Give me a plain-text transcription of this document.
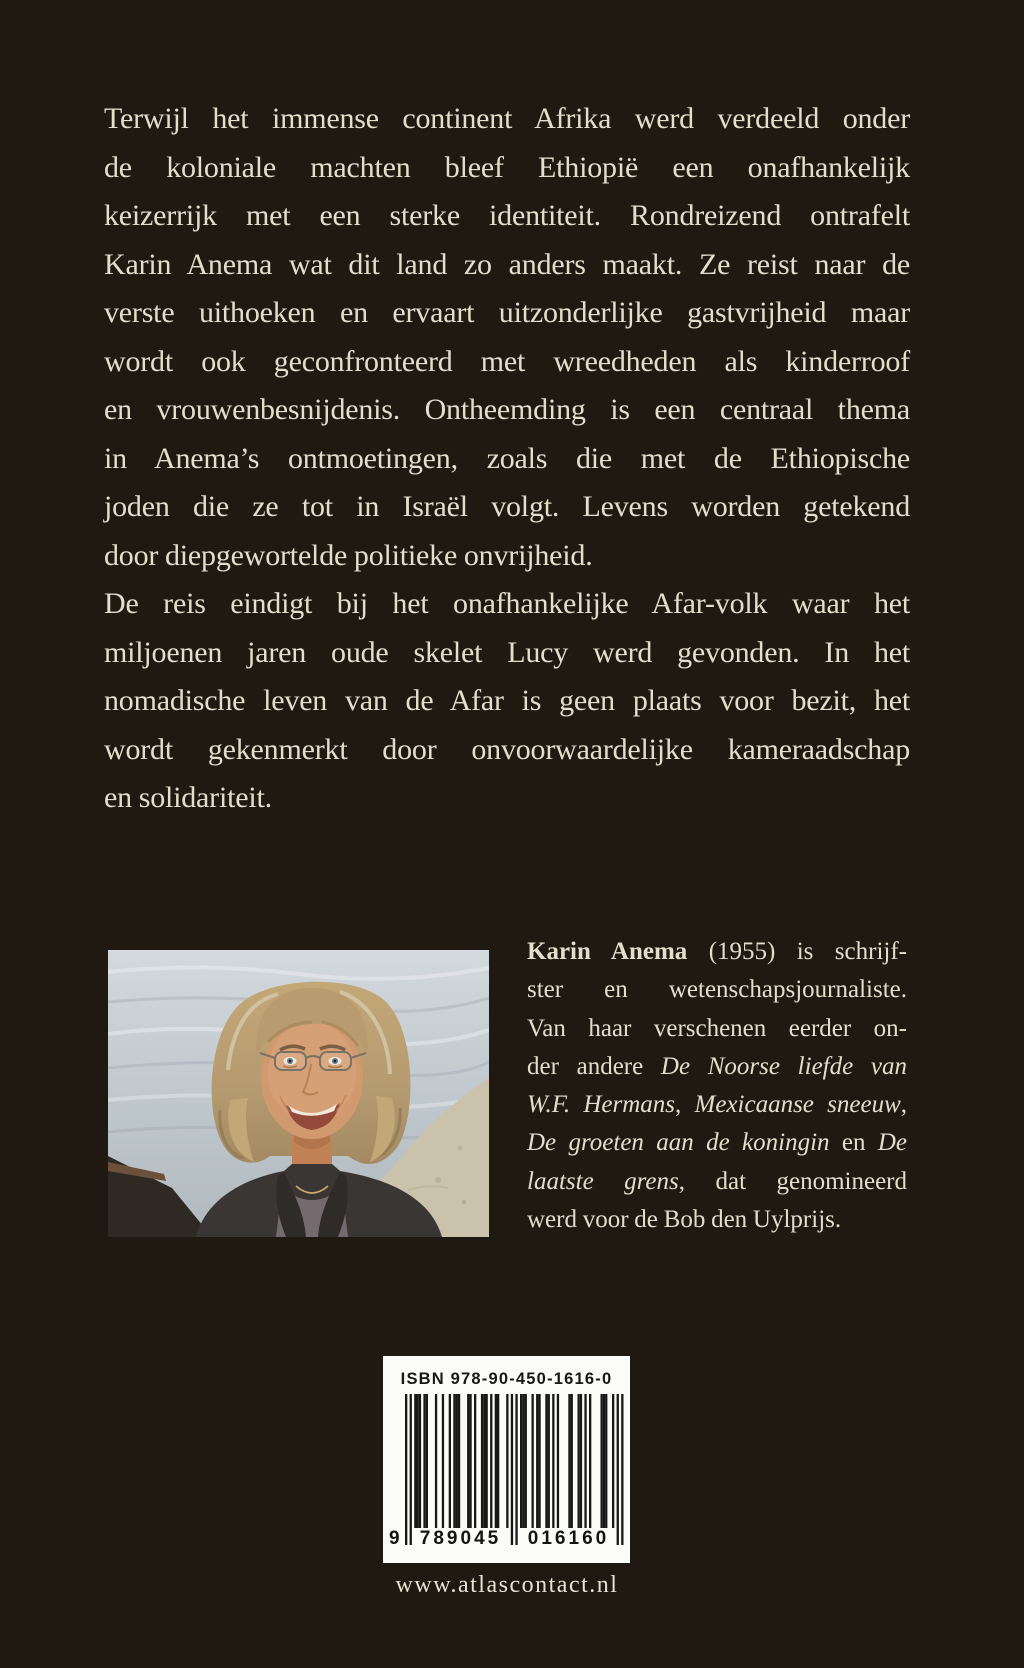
Terwijl het immense continent Afrika werd verdeeld onder
de koloniale machten bleef Ethiopië een onafhankelijk
keizerrijk met een sterke identiteit. Rondreizend ontrafelt
Karin Anema wat dit land zo anders maakt. Ze reist naar de
verste uithoeken en ervaart uitzonderlijke gastvrijheid maar
wordt ook geconfronteerd met wreedheden als kinderroof
en vrouwenbesnijdenis. Ontheemding is een centraal thema
in Anema’s ontmoetingen, zoals die met de Ethiopische
joden die ze tot in Israël volgt. Levens worden getekend
door diepgewortelde politieke onvrijheid.
De reis eindigt bij het onafhankelijke Afar-volk waar het
miljoenen jaren oude skelet Lucy werd gevonden. In het
nomadische leven van de Afar is geen plaats voor bezit, het
wordt gekenmerkt door onvoorwaardelijke kameraadschap
en solidariteit.
Karin Anema (1955) is schrijf-
ster en wetenschapsjournaliste.
Van haar verschenen eerder on-
der andere De Noorse liefde van
W.F. Hermans, Mexicaanse sneeuw,
De groeten aan de koningin en De
laatste grens, dat genomineerd
werd voor de Bob den Uylprijs.
ISBN 978-90-450-1616-0
9	789045	016160
www.atlascontact.nl
